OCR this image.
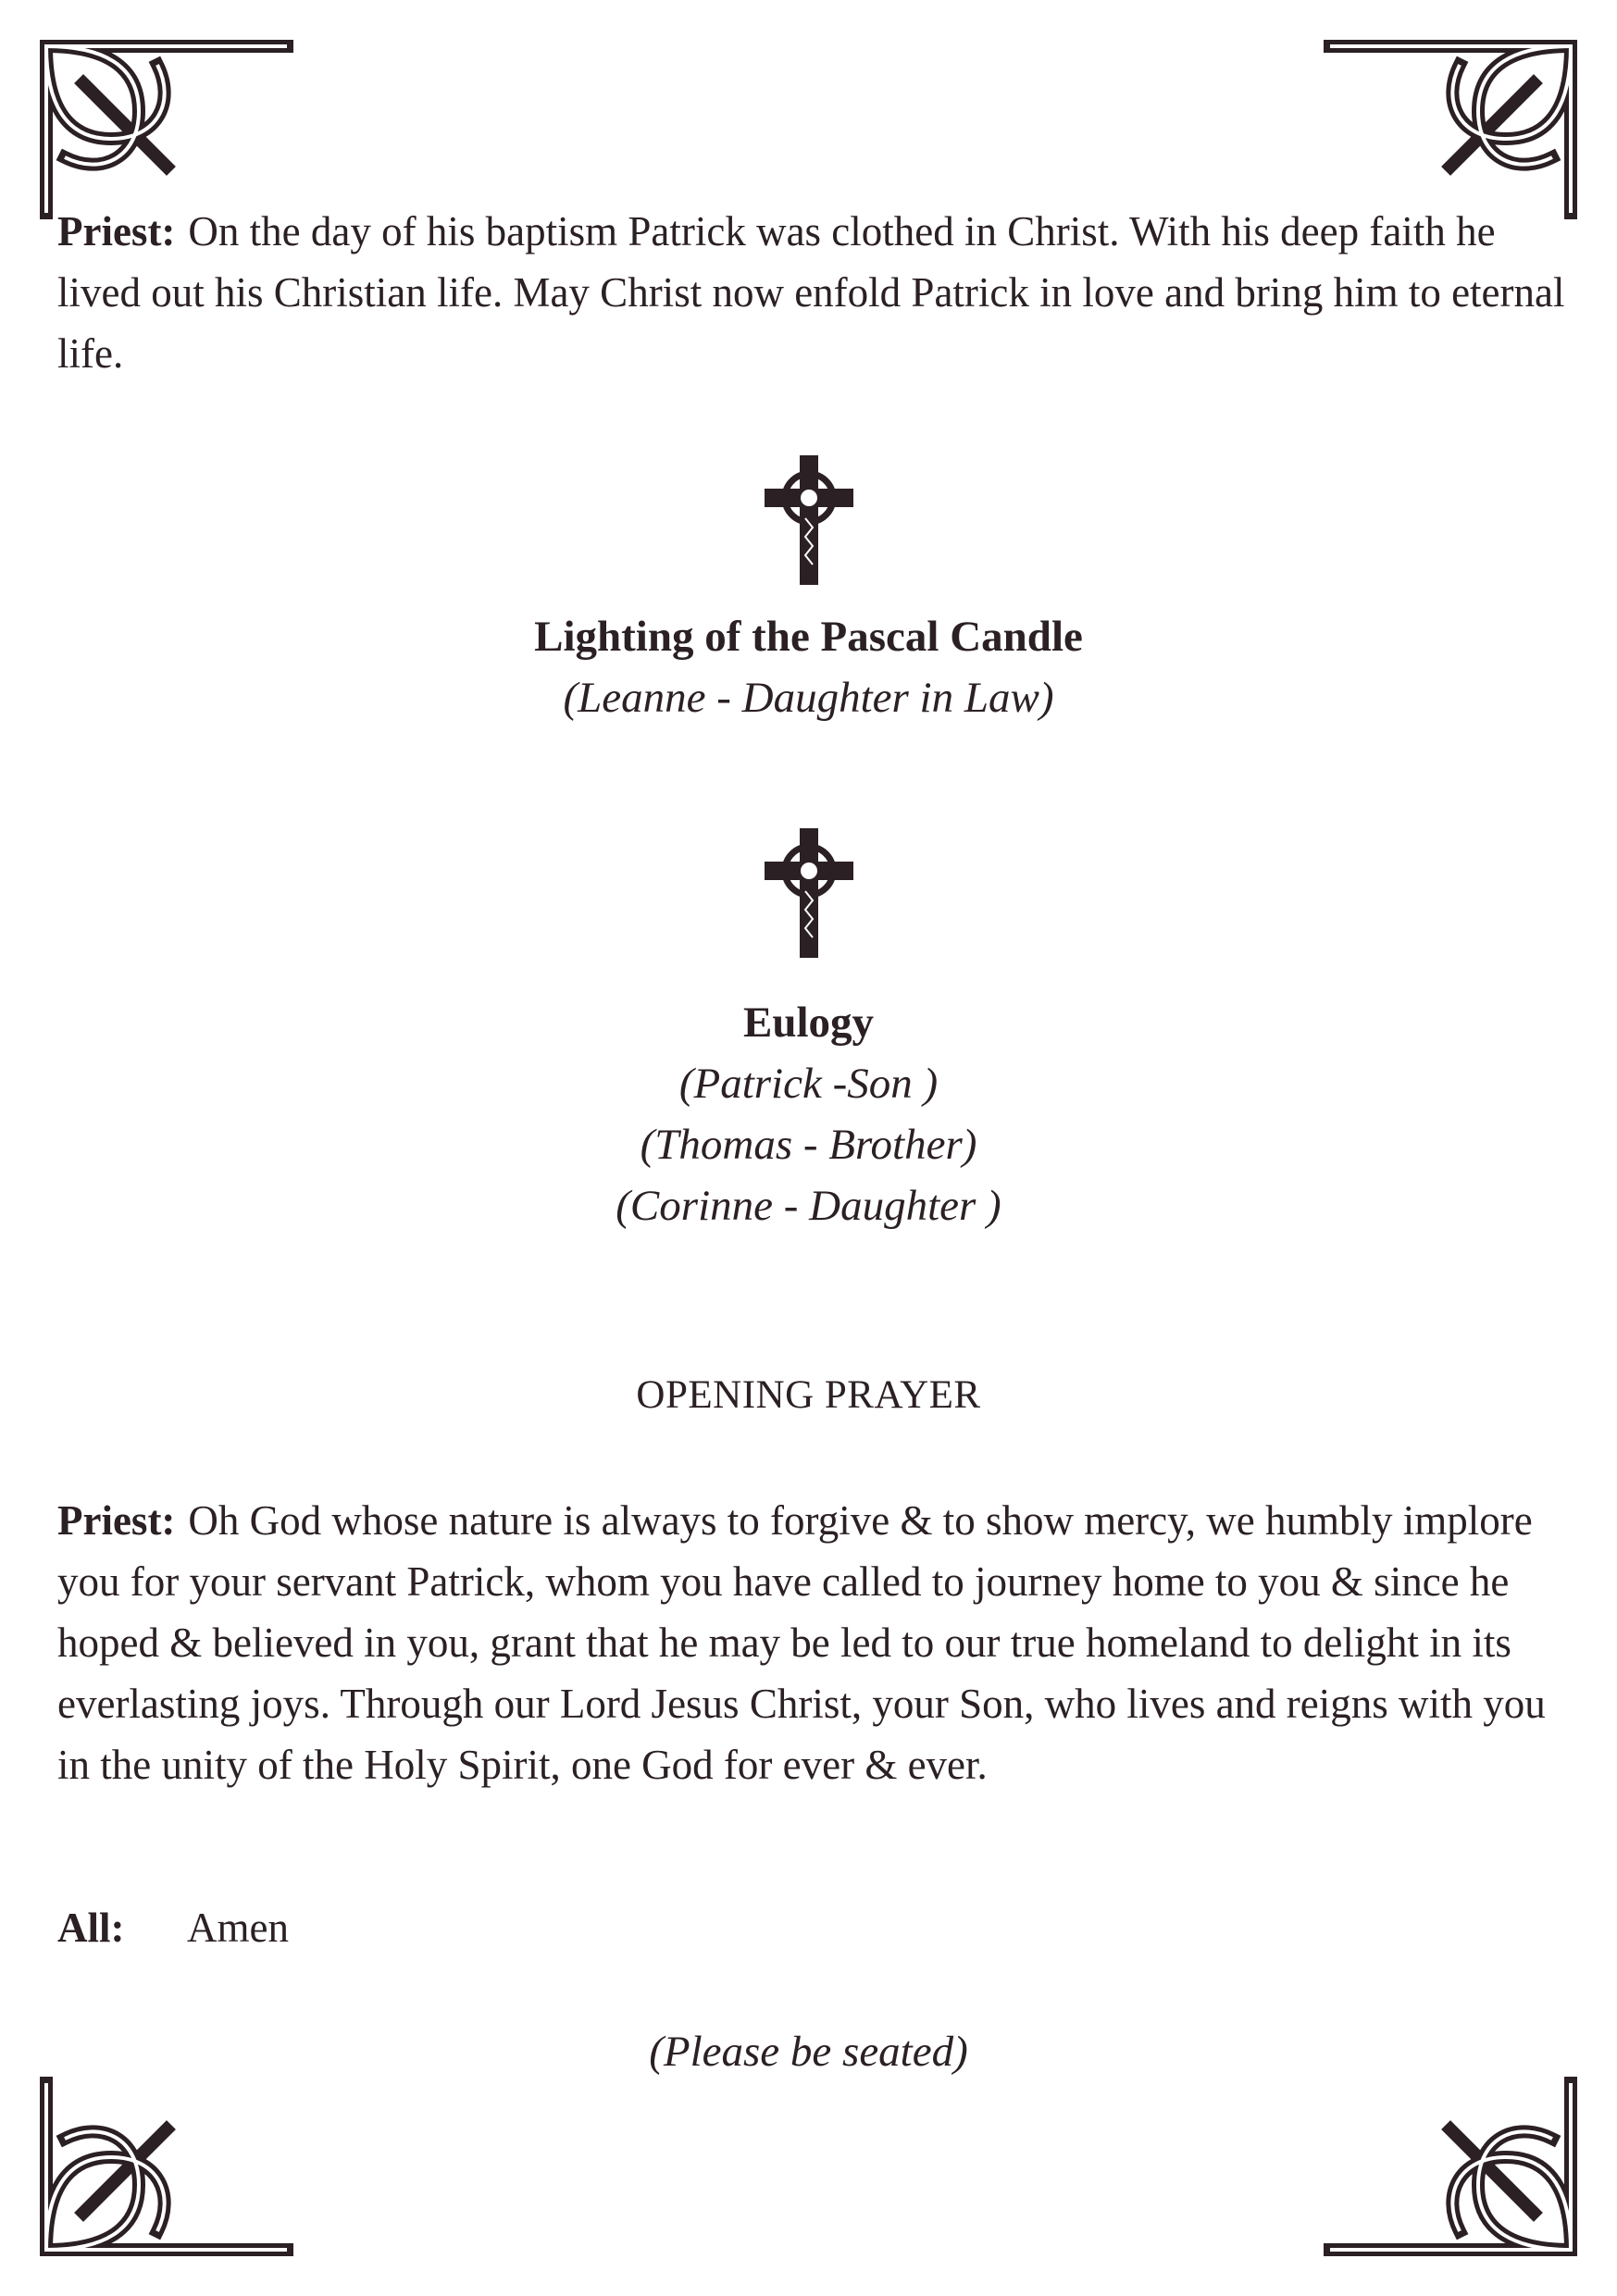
Priest: On the day of his baptism Patrick was clothed in Christ. With his deep faith he lived out his Christian life. May Christ now enfold Patrick in love and bring him to eternal life.
Lighting of the Pascal Candle
(Leanne - Daughter in Law)
Eulogy
(Patrick -Son )
(Thomas - Brother)
(Corinne - Daughter )
OPENING PRAYER
Priest: Oh God whose nature is always to forgive & to show mercy, we humbly implore you for your servant Patrick, whom you have called to journey home to you & since he hoped & believed in you, grant that he may be led to our true homeland to delight in its everlasting joys. Through our Lord Jesus Christ, your Son, who lives and reigns with you in the unity of the Holy Spirit, one God for ever & ever.
All: Amen
(Please be seated)
